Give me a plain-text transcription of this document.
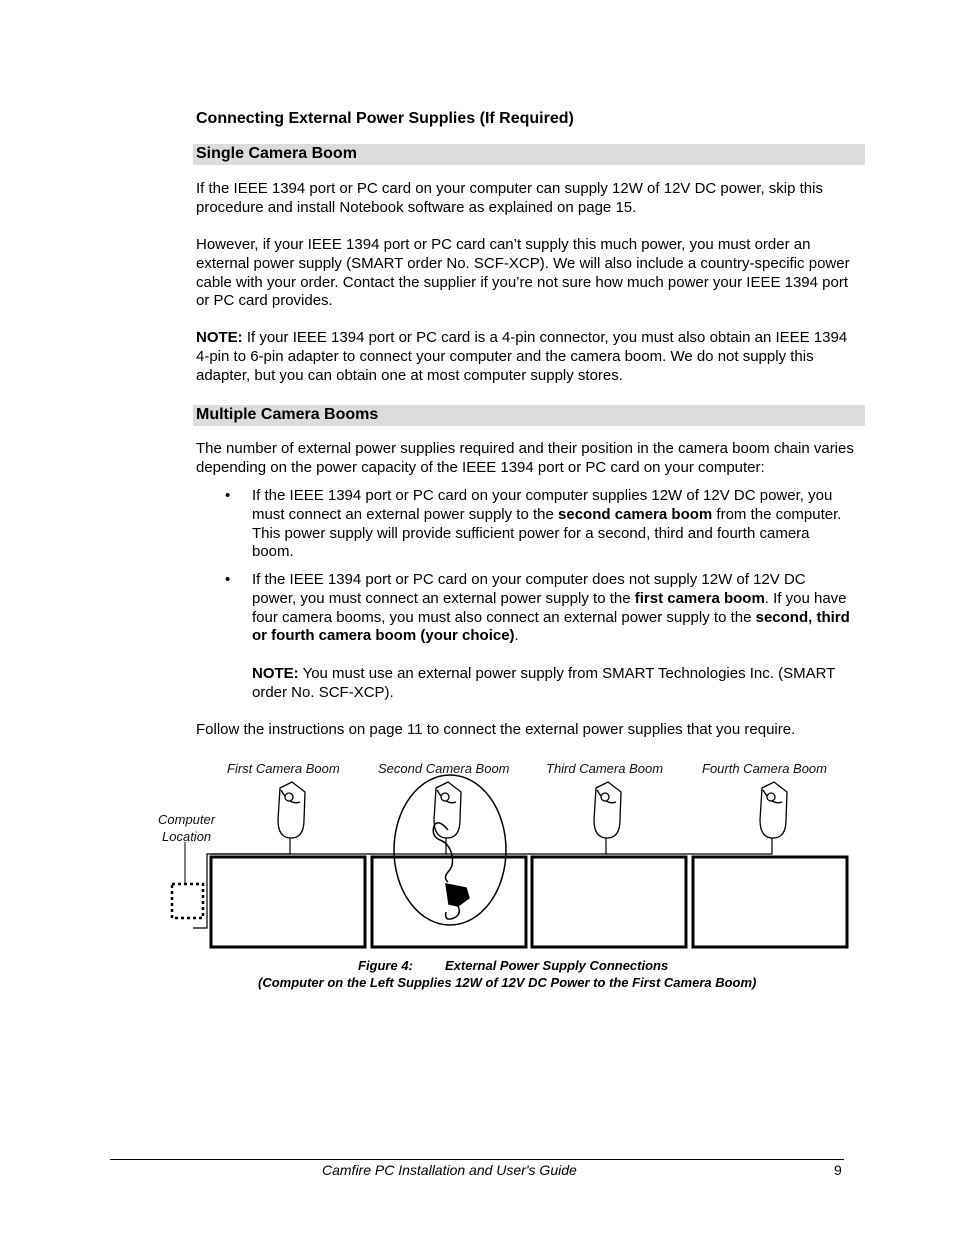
Connecting External Power Supplies (If Required)
Single Camera Boom
If the IEEE 1394 port or PC card on your computer can supply 12W of 12V DC power, skip this procedure and install Notebook software as explained on page 15.
However, if your IEEE 1394 port or PC card can’t supply this much power, you must order an external power supply (SMART order No. SCF-XCP). We will also include a country-specific power cable with your order. Contact the supplier if you’re not sure how much power your IEEE 1394 port or PC card provides.
NOTE: If your IEEE 1394 port or PC card is a 4-pin connector, you must also obtain an IEEE 1394 4-pin to 6-pin adapter to connect your computer and the camera boom. We do not supply this adapter, but you can obtain one at most computer supply stores.
Multiple Camera Booms
The number of external power supplies required and their position in the camera boom chain varies depending on the power capacity of the IEEE 1394 port or PC card on your computer:
• If the IEEE 1394 port or PC card on your computer supplies 12W of 12V DC power, you must connect an external power supply to the second camera boom from the computer. This power supply will provide sufficient power for a second, third and fourth camera boom.
• If the IEEE 1394 port or PC card on your computer does not supply 12W of 12V DC power, you must connect an external power supply to the first camera boom. If you have four camera booms, you must also connect an external power supply to the second, third or fourth camera boom (your choice).
NOTE: You must use an external power supply from SMART Technologies Inc. (SMART order No. SCF-XCP).
Follow the instructions on page 11 to connect the external power supplies that you require.
First Camera Boom	Second Camera Boom	Third Camera Boom	Fourth Camera Boom
Computer
Location
Figure 4: External Power Supply Connections
(Computer on the Left Supplies 12W of 12V DC Power to the First Camera Boom)
Camfire PC Installation and User's Guide	9
